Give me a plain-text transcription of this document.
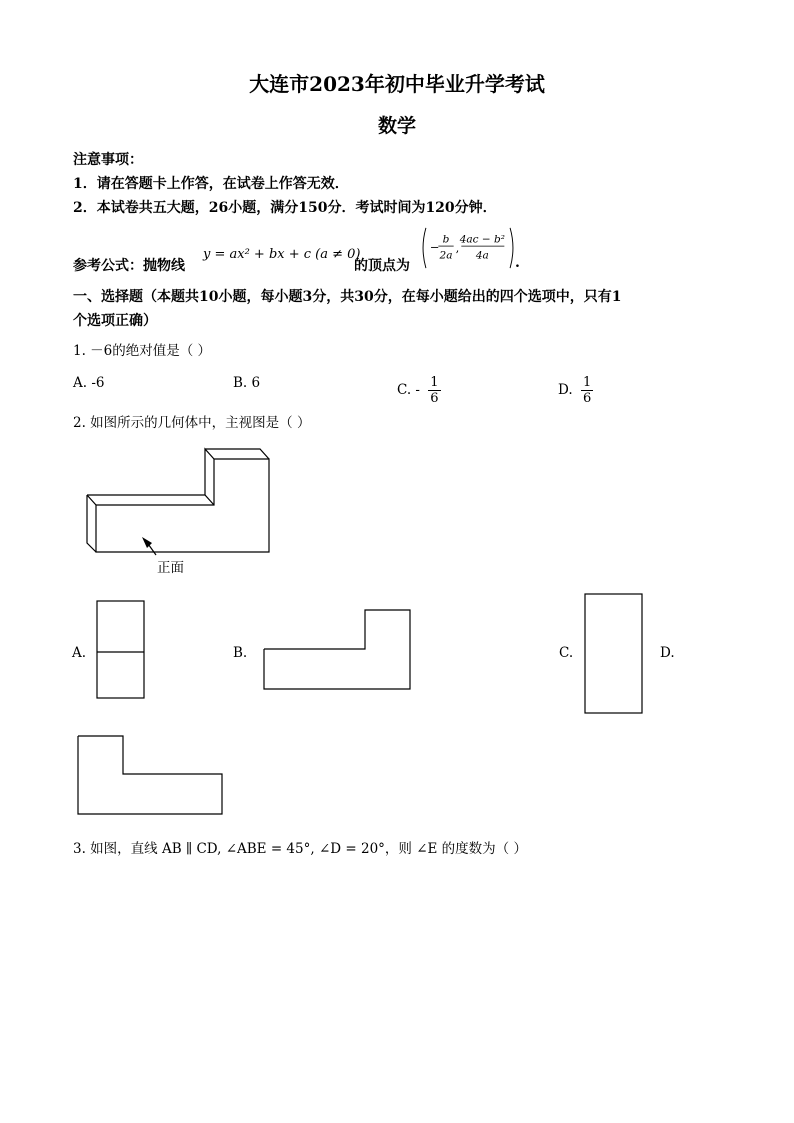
大连市2023年初中毕业升学考试
数学
注意事项：
1．请在答题卡上作答，在试卷上作答无效．
2．本试卷共五大题，26小题，满分150分．考试时间为120分钟．
参考公式：抛物线
y = ax² + bx + c (a ≠ 0)
的顶点为
−
b
2a
,
4ac − b²
4a .
一、选择题（本题共10小题，每小题3分，共30分，在每小题给出的四个选项中，只有1
个选项正确）
1. －6的绝对值是（ ）
A. -6	B. 6	C. - $\frac{1}{6}$	D. $\frac{1}{6}$
2. 如图所示的几何体中，主视图是（ ）
正面
A.	B.	C.	D.
3. 如图，直线 AB ∥ CD, ∠ABE = 45°, ∠D = 20°，则 ∠E 的度数为（ ）
